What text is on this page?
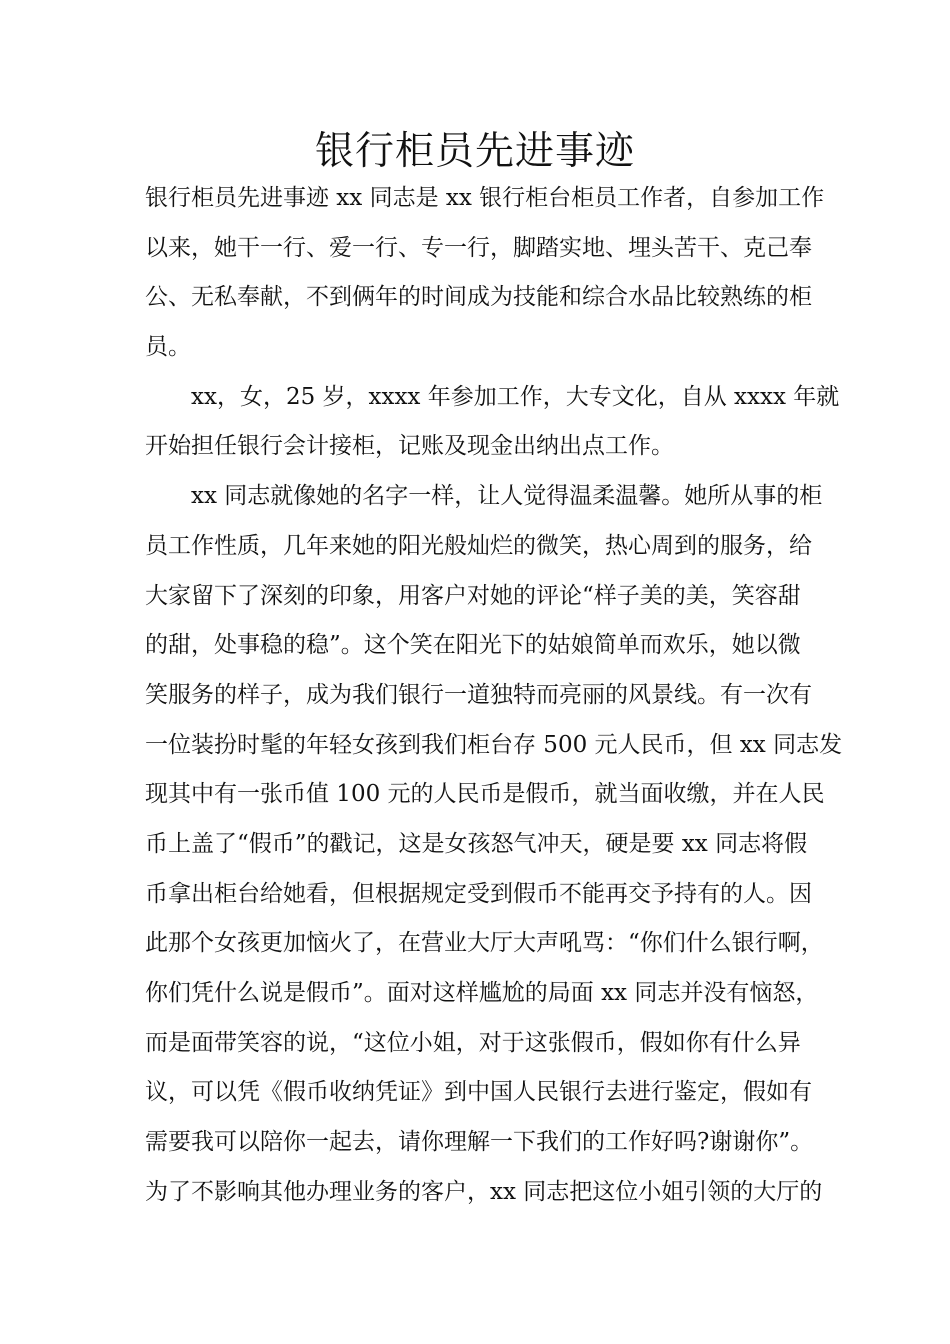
银行柜员先进事迹
银行柜员先进事迹 xx 同志是 xx 银行柜台柜员工作者，自参加工作
以来，她干一行、爱一行、专一行，脚踏实地、埋头苦干、克己奉
公、无私奉献，不到俩年的时间成为技能和综合水品比较熟练的柜
员。
xx，女，25 岁，xxxx 年参加工作，大专文化，自从 xxxx 年就
开始担任银行会计接柜，记账及现金出纳出点工作。
xx 同志就像她的名字一样，让人觉得温柔温馨。她所从事的柜
员工作性质，几年来她的阳光般灿烂的微笑，热心周到的服务，给
大家留下了深刻的印象，用客户对她的评论“样子美的美，笑容甜
的甜，处事稳的稳”。这个笑在阳光下的姑娘简单而欢乐，她以微
笑服务的样子，成为我们银行一道独特而亮丽的风景线。有一次有
一位装扮时髦的年轻女孩到我们柜台存 500 元人民币，但 xx 同志发
现其中有一张币值 100 元的人民币是假币，就当面收缴，并在人民
币上盖了“假币”的戳记，这是女孩怒气冲天，硬是要 xx 同志将假
币拿出柜台给她看，但根据规定受到假币不能再交予持有的人。因
此那个女孩更加恼火了，在营业大厅大声吼骂：“你们什么银行啊，
你们凭什么说是假币”。面对这样尴尬的局面 xx 同志并没有恼怒，
而是面带笑容的说，“这位小姐，对于这张假币，假如你有什么异
议，可以凭《假币收纳凭证》到中国人民银行去进行鉴定，假如有
需要我可以陪你一起去，请你理解一下我们的工作好吗?谢谢你”。
为了不影响其他办理业务的客户，xx 同志把这位小姐引领的大厅的
